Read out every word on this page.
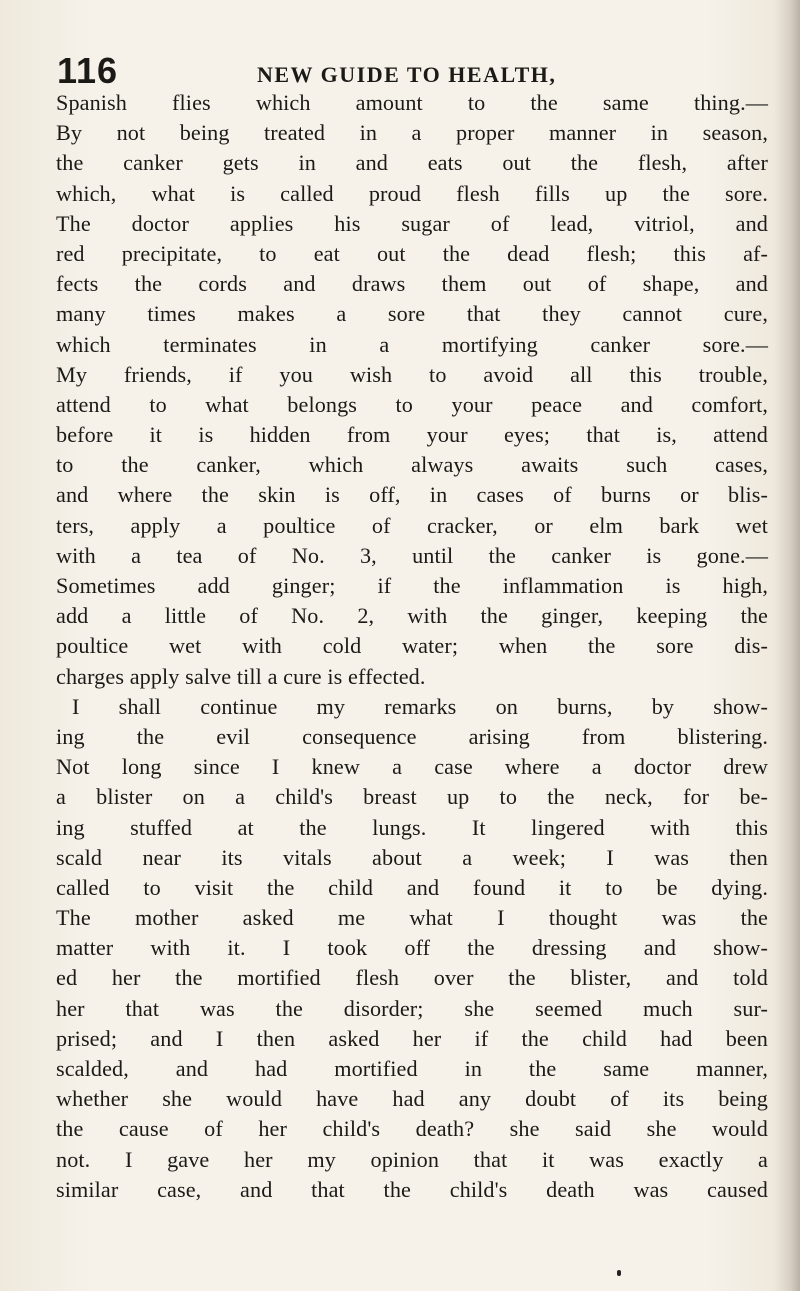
116	NEW GUIDE TO HEALTH,
Spanish flies which amount to the same thing.—
By not being treated in a proper manner in season,
the canker gets in and eats out the flesh, after
which, what is called proud flesh fills up the sore.
The doctor applies his sugar of lead, vitriol, and
red precipitate, to eat out the dead flesh; this af-
fects the cords and draws them out of shape, and
many times makes a sore that they cannot cure,
which terminates in a mortifying canker sore.—
My friends, if you wish to avoid all this trouble,
attend to what belongs to your peace and comfort,
before it is hidden from your eyes; that is, attend
to the canker, which always awaits such cases,
and where the skin is off, in cases of burns or blis-
ters, apply a poultice of cracker, or elm bark wet
with a tea of No. 3, until the canker is gone.—
Sometimes add ginger; if the inflammation is high,
add a little of No. 2, with the ginger, keeping the
poultice wet with cold water; when the sore dis-
charges apply salve till a cure is effected.
I shall continue my remarks on burns, by show-
ing the evil consequence arising from blistering.
Not long since I knew a case where a doctor drew
a blister on a child's breast up to the neck, for be-
ing stuffed at the lungs. It lingered with this
scald near its vitals about a week; I was then
called to visit the child and found it to be dying.
The mother asked me what I thought was the
matter with it. I took off the dressing and show-
ed her the mortified flesh over the blister, and told
her that was the disorder; she seemed much sur-
prised; and I then asked her if the child had been
scalded, and had mortified in the same manner,
whether she would have had any doubt of its being
the cause of her child's death? she said she would
not. I gave her my opinion that it was exactly a
similar case, and that the child's death was caused
